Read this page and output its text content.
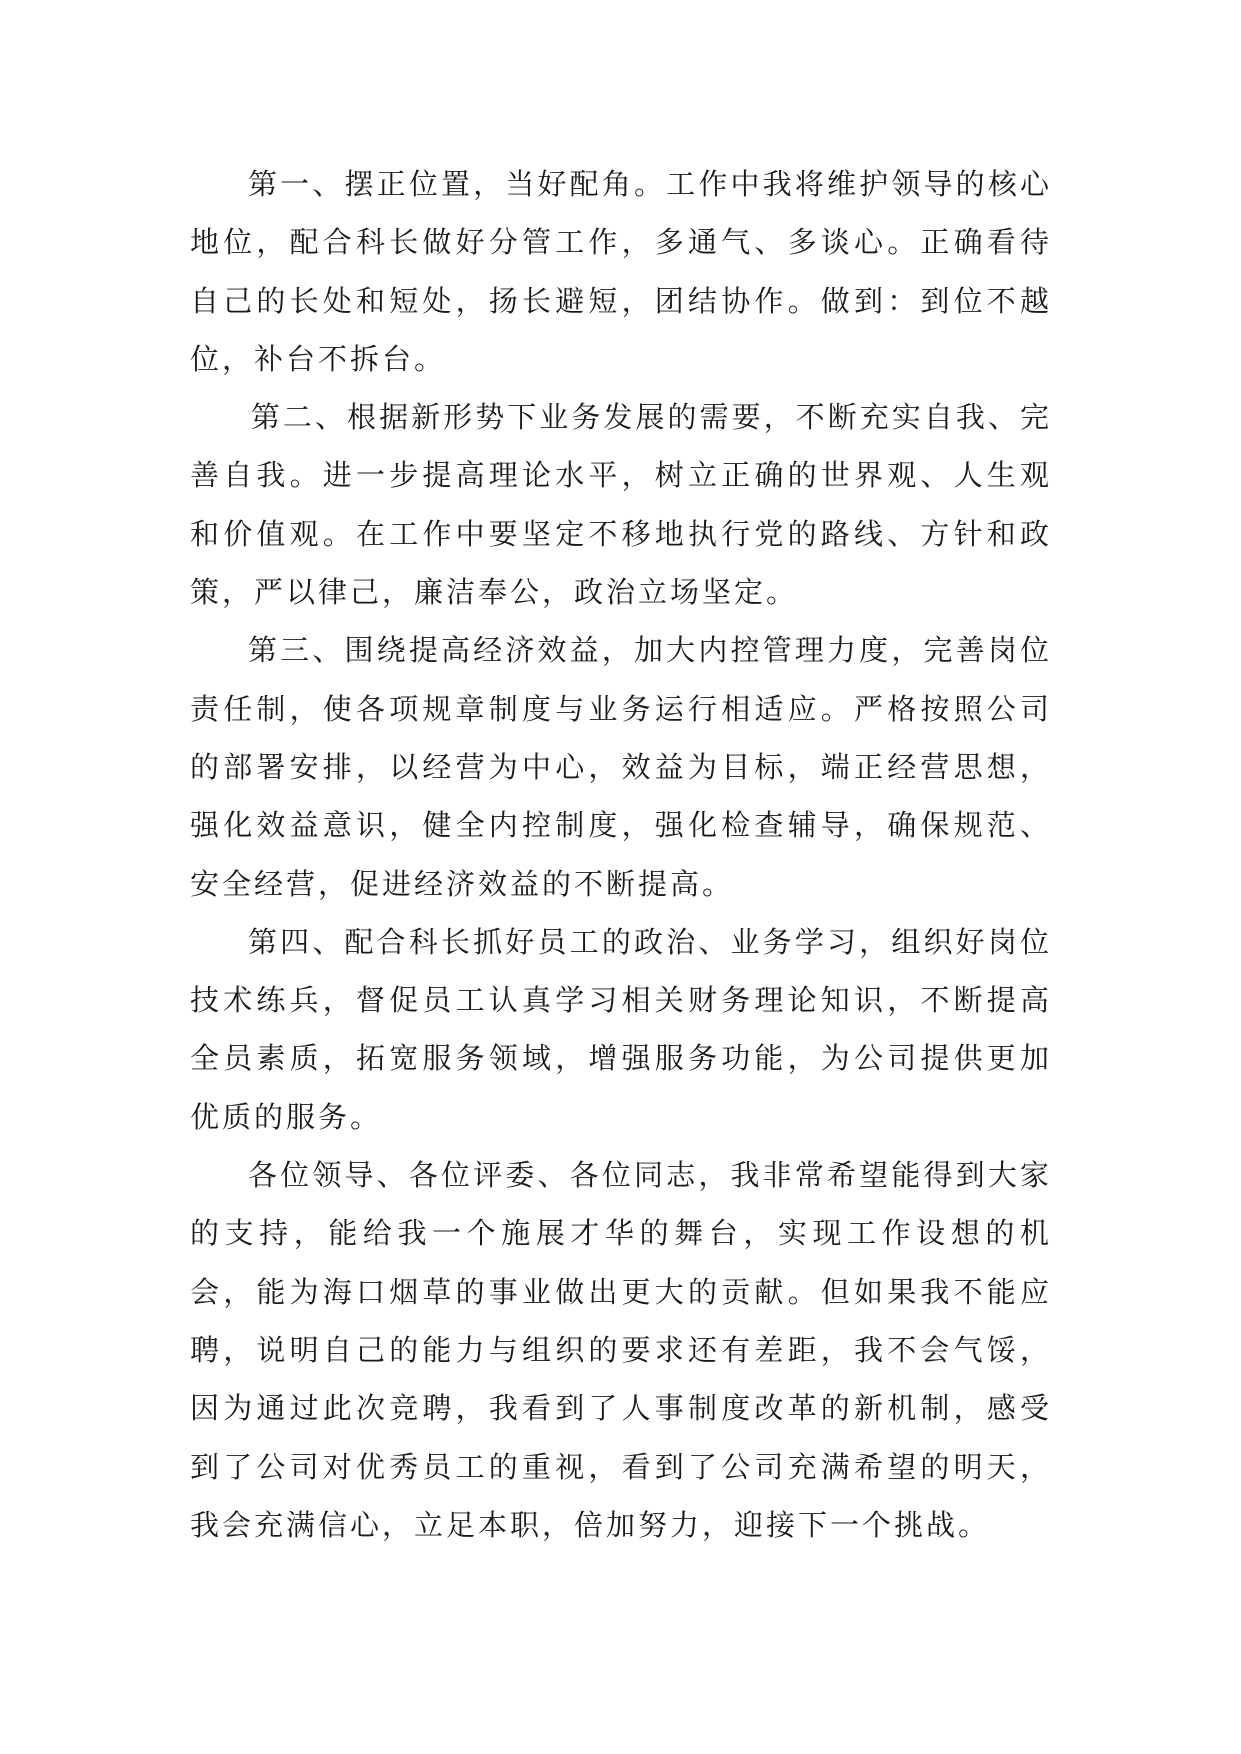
第一、摆正位置，当好配角。工作中我将维护领导的核心地位，配合科长做好分管工作，多通气、多谈心。正确看待自己的长处和短处，扬长避短，团结协作。做到：到位不越位，补台不拆台。

第二、根据新形势下业务发展的需要，不断充实自我、完善自我。进一步提高理论水平，树立正确的世界观、人生观和价值观。在工作中要坚定不移地执行党的路线、方针和政策，严以律己，廉洁奉公，政治立场坚定。

第三、围绕提高经济效益，加大内控管理力度，完善岗位责任制，使各项规章制度与业务运行相适应。严格按照公司的部署安排，以经营为中心，效益为目标，端正经营思想，强化效益意识，健全内控制度，强化检查辅导，确保规范、安全经营，促进经济效益的不断提高。

第四、配合科长抓好员工的政治、业务学习，组织好岗位技术练兵，督促员工认真学习相关财务理论知识，不断提高全员素质，拓宽服务领域，增强服务功能，为公司提供更加优质的服务。

各位领导、各位评委、各位同志，我非常希望能得到大家的支持，能给我一个施展才华的舞台，实现工作设想的机会，能为海口烟草的事业做出更大的贡献。但如果我不能应聘，说明自己的能力与组织的要求还有差距，我不会气馁，因为通过此次竞聘，我看到了人事制度改革的新机制，感受到了公司对优秀员工的重视，看到了公司充满希望的明天，我会充满信心，立足本职，倍加努力，迎接下一个挑战。
